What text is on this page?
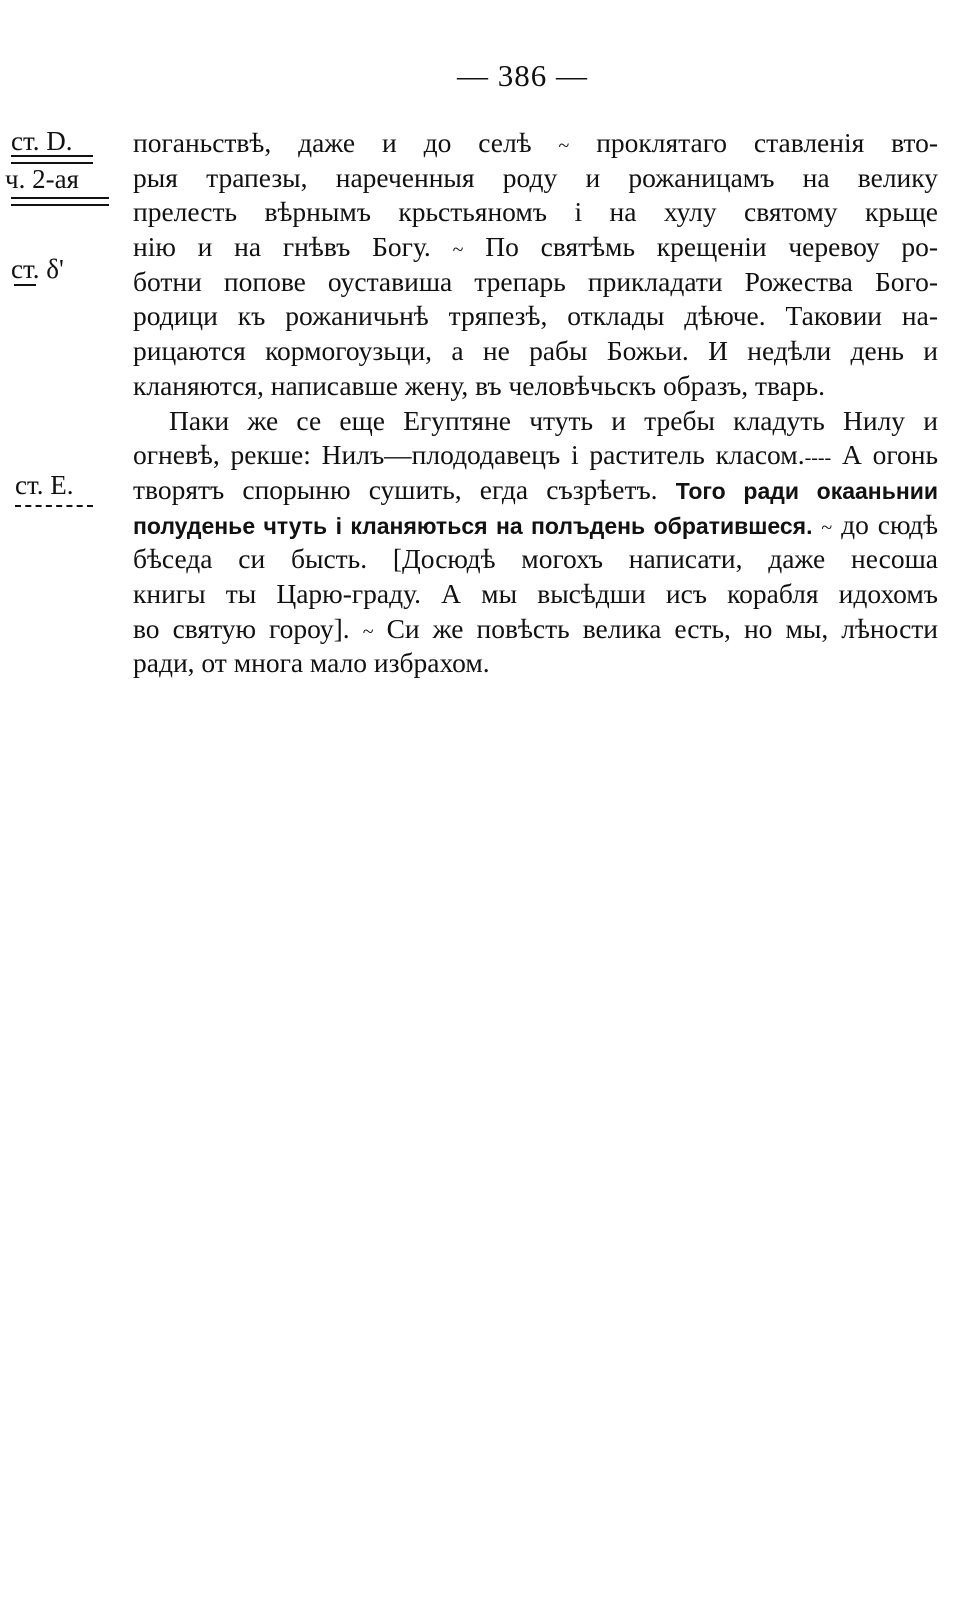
— 386 —
ст. D.
ч. 2-ая
ст. δ'
ст. E.
поганьствѣ, даже и до селѣ ~ проклятаго ставленія вто-
рыя трапезы, нареченныя роду и рожаницамъ на велику
прелесть вѣрнымъ крьстьяномъ і на хулу святому крьще
нію и на гнѣвъ Богу. ~ По святѣмь крещеніи черевоу ро-
ботни попове оуставиша трепарь прикладати Рожества Бого-
родици къ рожаничьнѣ тряпезѣ, отклады дѣюче. Таковии на-
рицаются кормогоузьци, а не рабы Божьи. И недѣли день и
кланяются, написавше жену, въ человѣчьскъ образъ, тварь.
Паки же се еще Егуптяне чтуть и требы кладуть Нилу и
огневѣ, рекше: Нилъ—плододавецъ і раститель класом.---- А огонь
творятъ спорыню сушить, егда съзрѣетъ. Того ради окааньнии
полуденье чтуть і кланяються на полъдень обратившеся. ~ до сюдѣ
бѣседа си бысть. [Досюдѣ могохъ написати, даже несоша
книгы ты Царю-граду. А мы высѣдши исъ корабля идохомъ
во святую гороу]. ~ Си же повѣсть велика есть, но мы, лѣности
ради, от многа мало избрахом.
